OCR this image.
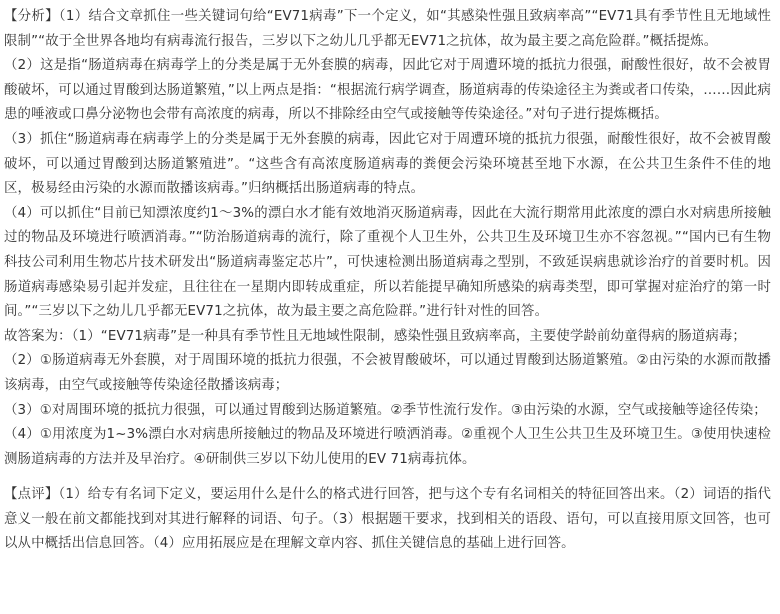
【分析】（1）结合文章抓住一些关键词句给“EV71病毒”下一个定义，如“其感染性强且致病率高”“EV71具有季节性且无地域性限制”“故于全世界各地均有病毒流行报告，三岁以下之幼儿几乎都无EV71之抗体，故为最主要之高危险群。”概括提炼。

（2）这是指“肠道病毒在病毒学上的分类是属于无外套膜的病毒，因此它对于周遭环境的抵抗力很强，耐酸性很好，故不会被胃酸破坏，可以通过胃酸到达肠道繁殖，”以上两点是指：“根据流行病学调查，肠道病毒的传染途径主为粪或者口传染，……因此病患的唾液或口鼻分泌物也会带有高浓度的病毒，所以不排除经由空气或接触等传染途径。”对句子进行提炼概括。

（3）抓住“肠道病毒在病毒学上的分类是属于无外套膜的病毒，因此它对于周遭环境的抵抗力很强，耐酸性很好，故不会被胃酸破坏，可以通过胃酸到达肠道繁殖进”。“这些含有高浓度肠道病毒的粪便会污染环境甚至地下水源，在公共卫生条件不佳的地区，极易经由污染的水源而散播该病毒。”归纳概括出肠道病毒的特点。

（4）可以抓住“目前已知漂浓度约1～3%的漂白水才能有效地消灭肠道病毒，因此在大流行期常用此浓度的漂白水对病患所接触过的物品及环境进行喷洒消毒。”“防治肠道病毒的流行，除了重视个人卫生外，公共卫生及环境卫生亦不容忽视。”“国内已有生物科技公司利用生物芯片技术研发出“肠道病毒鉴定芯片”，可快速检测出肠道病毒之型别，不致延误病患就诊治疗的首要时机。因肠道病毒感染易引起并发症，且往往在一星期内即转成重症，所以若能提早确知所感染的病毒类型，即可掌握对症治疗的第一时间。”“三岁以下之幼儿几乎都无EV71之抗体，故为最主要之高危险群。”进行针对性的回答。

故答案为：（1）“EV71病毒”是一种具有季节性且无地域性限制，感染性强且致病率高，主要使学龄前幼童得病的肠道病毒；

（2）①肠道病毒无外套膜，对于周围环境的抵抗力很强，不会被胃酸破坏，可以通过胃酸到达肠道繁殖。②由污染的水源而散播该病毒，由空气或接触等传染途径散播该病毒；

（3）①对周围环境的抵抗力很强，可以通过胃酸到达肠道繁殖。②季节性流行发作。③由污染的水源，空气或接触等途径传染；

（4）①用浓度为1~3%漂白水对病患所接触过的物品及环境进行喷洒消毒。②重视个人卫生公共卫生及环境卫生。③使用快速检测肠道病毒的方法并及早治疗。④研制供三岁以下幼儿使用的EV 71病毒抗体。

【点评】（1）给专有名词下定义，要运用什么是什么的格式进行回答，把与这个专有名词相关的特征回答出来。（2）词语的指代意义一般在前文都能找到对其进行解释的词语、句子。（3）根据题干要求，找到相关的语段、语句，可以直接用原文回答，也可以从中概括出信息回答。（4）应用拓展应是在理解文章内容、抓住关键信息的基础上进行回答。
